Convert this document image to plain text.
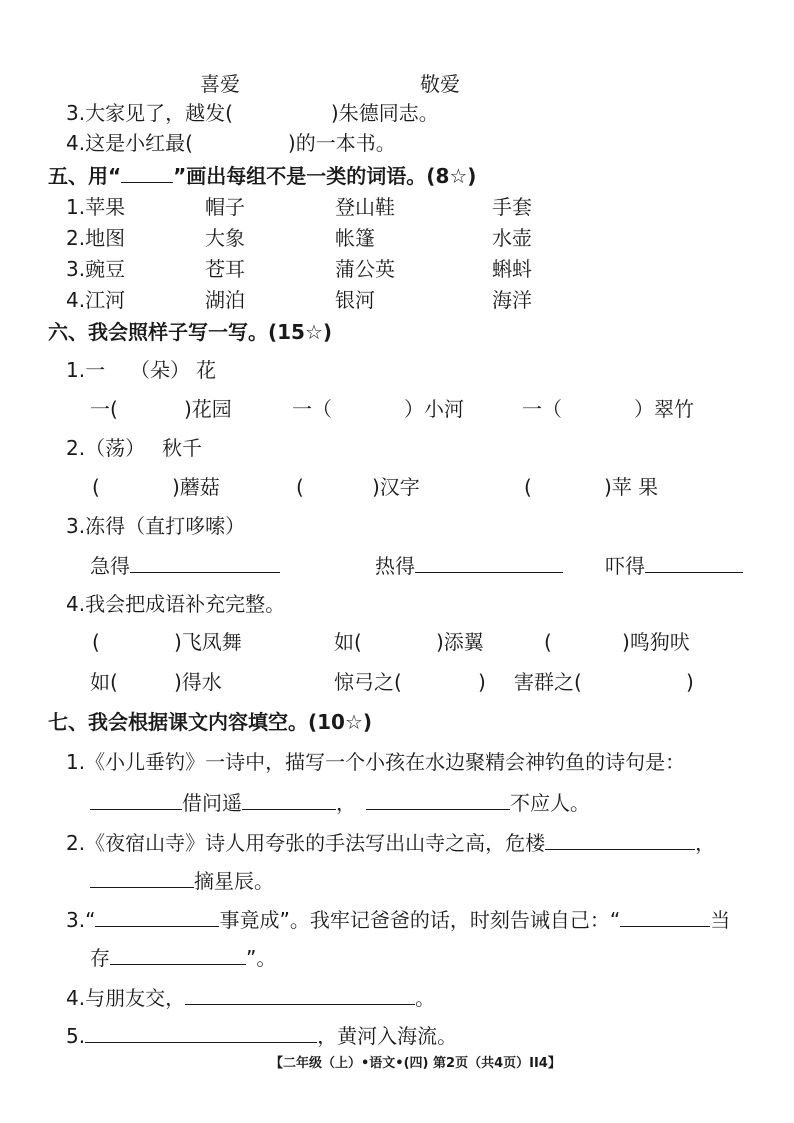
喜爱	敬爱
3.大家见了，越发(	)朱德同志。
4.这是小红最(	)的一本书。
五、用“	”画出每组不是一类的词语。(8☆)
1.苹果	帽子	登山鞋	手套
2.地图	大象	帐篷	水壶
3.豌豆	苍耳	蒲公英	蝌蚪
4.江河	湖泊	银河	海洋
六、我会照样子写一写。(15☆)
1.一 （朵） 花
一(	)花园	一（	）小河	一（	）翠竹
2.（荡） 秋千
(	)蘑菇	(	)汉字	(	)苹 果
3.冻得（直打哆嗦）
急得	热得	吓得
4.我会把成语补充完整。
(	)飞凤舞	如(	)添翼	(	)鸣狗吠
如(	)得水	惊弓之(	) 害群之(	)
七、我会根据课文内容填空。(10☆)
1.《小儿垂钓》一诗中，描写一个小孩在水边聚精会神钓鱼的诗句是：
借问遥	，	不应人。
2.《夜宿山寺》诗人用夸张的手法写出山寺之高，危楼	，
摘星辰。
3.“	事竟成”。我牢记爸爸的话，时刻告诫自己：“	当
存	”。
4.与朋友交，	。
5.	，黄河入海流。
【二年级（上）•语文•(四) 第2页（共4页）II4】
